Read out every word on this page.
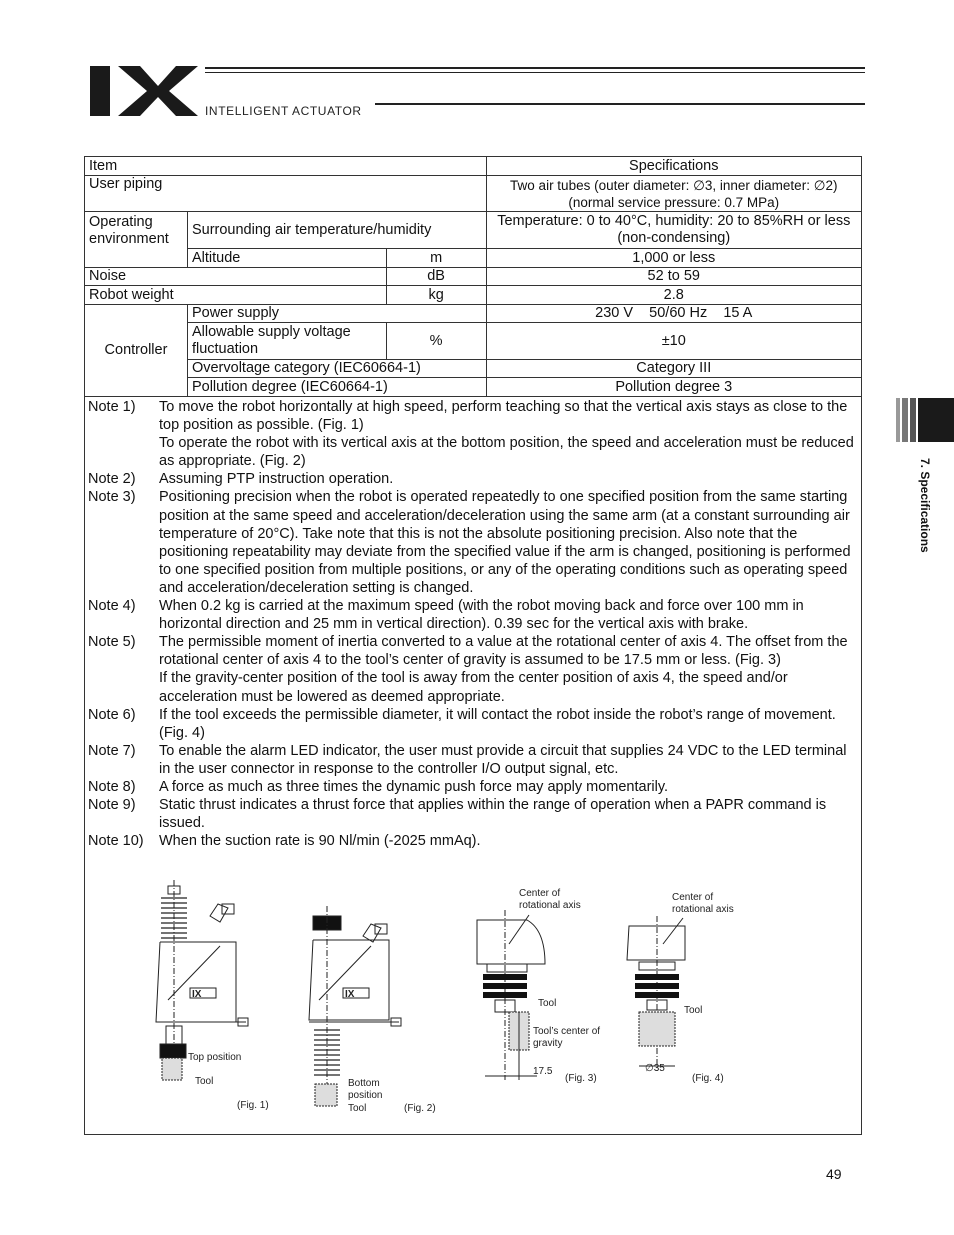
INTELLIGENT ACTUATOR
7. Specifications
Item			Specifications
User piping			Two air tubes (outer diameter: ∅3, inner diameter: ∅2)
(normal service pressure: 0.7 MPa)

Operating environment	Surrounding air temperature/humidity		Temperature: 0 to 40°C, humidity: 20 to 85%RH or less (non-condensing)
	Altitude	m	1,000 or less
Noise		dB	52 to 59
Robot weight		kg	2.8
Controller	Power supply		230 V    50/60 Hz    15 A
	Allowable supply voltage fluctuation	%	±10
	Overvoltage category (IEC60664-1)		Category III
	Pollution degree (IEC60664-1)		Pollution degree 3
Note 1)	To move the robot horizontally at high speed, perform teaching so that the vertical axis stays as close to the top position as possible. (Fig. 1)

To operate the robot with its vertical axis at the bottom position, the speed and acceleration must be reduced as appropriate. (Fig. 2)

Note 2)	Assuming PTP instruction operation.

Note 3)	Positioning precision when the robot is operated repeatedly to one specified position from the same starting position at the same speed and acceleration/deceleration using the same arm (at a constant surrounding air temperature of 20°C). Take note that this is not the absolute positioning precision. Also note that the positioning repeatability may deviate from the specified value if the arm is changed, positioning is performed to one specified position from multiple positions, or any of the operating conditions such as operating speed and acceleration/deceleration setting is changed.

Note 4)	When 0.2 kg is carried at the maximum speed (with the robot moving back and force over 100 mm in horizontal direction and 25 mm in vertical direction). 0.39 sec for the vertical axis with brake.

Note 5)	The permissible moment of inertia converted to a value at the rotational center of axis 4. The offset from the rotational center of axis 4 to the tool’s center of gravity is assumed to be 17.5 mm or less. (Fig. 3)

If the gravity-center position of the tool is away from the center position of axis 4, the speed and/or acceleration must be lowered as deemed appropriate.

Note 6)	If the tool exceeds the permissible diameter, it will contact the robot inside the robot’s range of movement. (Fig. 4)

Note 7)	To enable the alarm LED indicator, the user must provide a circuit that supplies 24 VDC to the LED terminal in the user connector in response to the controller I/O output signal, etc.

Note 8)	A force as much as three times the dynamic push force may apply momentarily.

Note 9)	Static thrust indicates a thrust force that applies within the range of operation when a PAPR command is issued.

Note 10)	When the suction rate is 90 Nl/min (-2025 mmAq).

IX
Top position
Tool
(Fig. 1)
IX
Bottom position
Tool	(Fig. 2)
Center of rotational axis
Tool
Tool’s center of gravity
17.5
(Fig. 3)
Center of rotational axis
Tool
∅35
(Fig. 4)
49
